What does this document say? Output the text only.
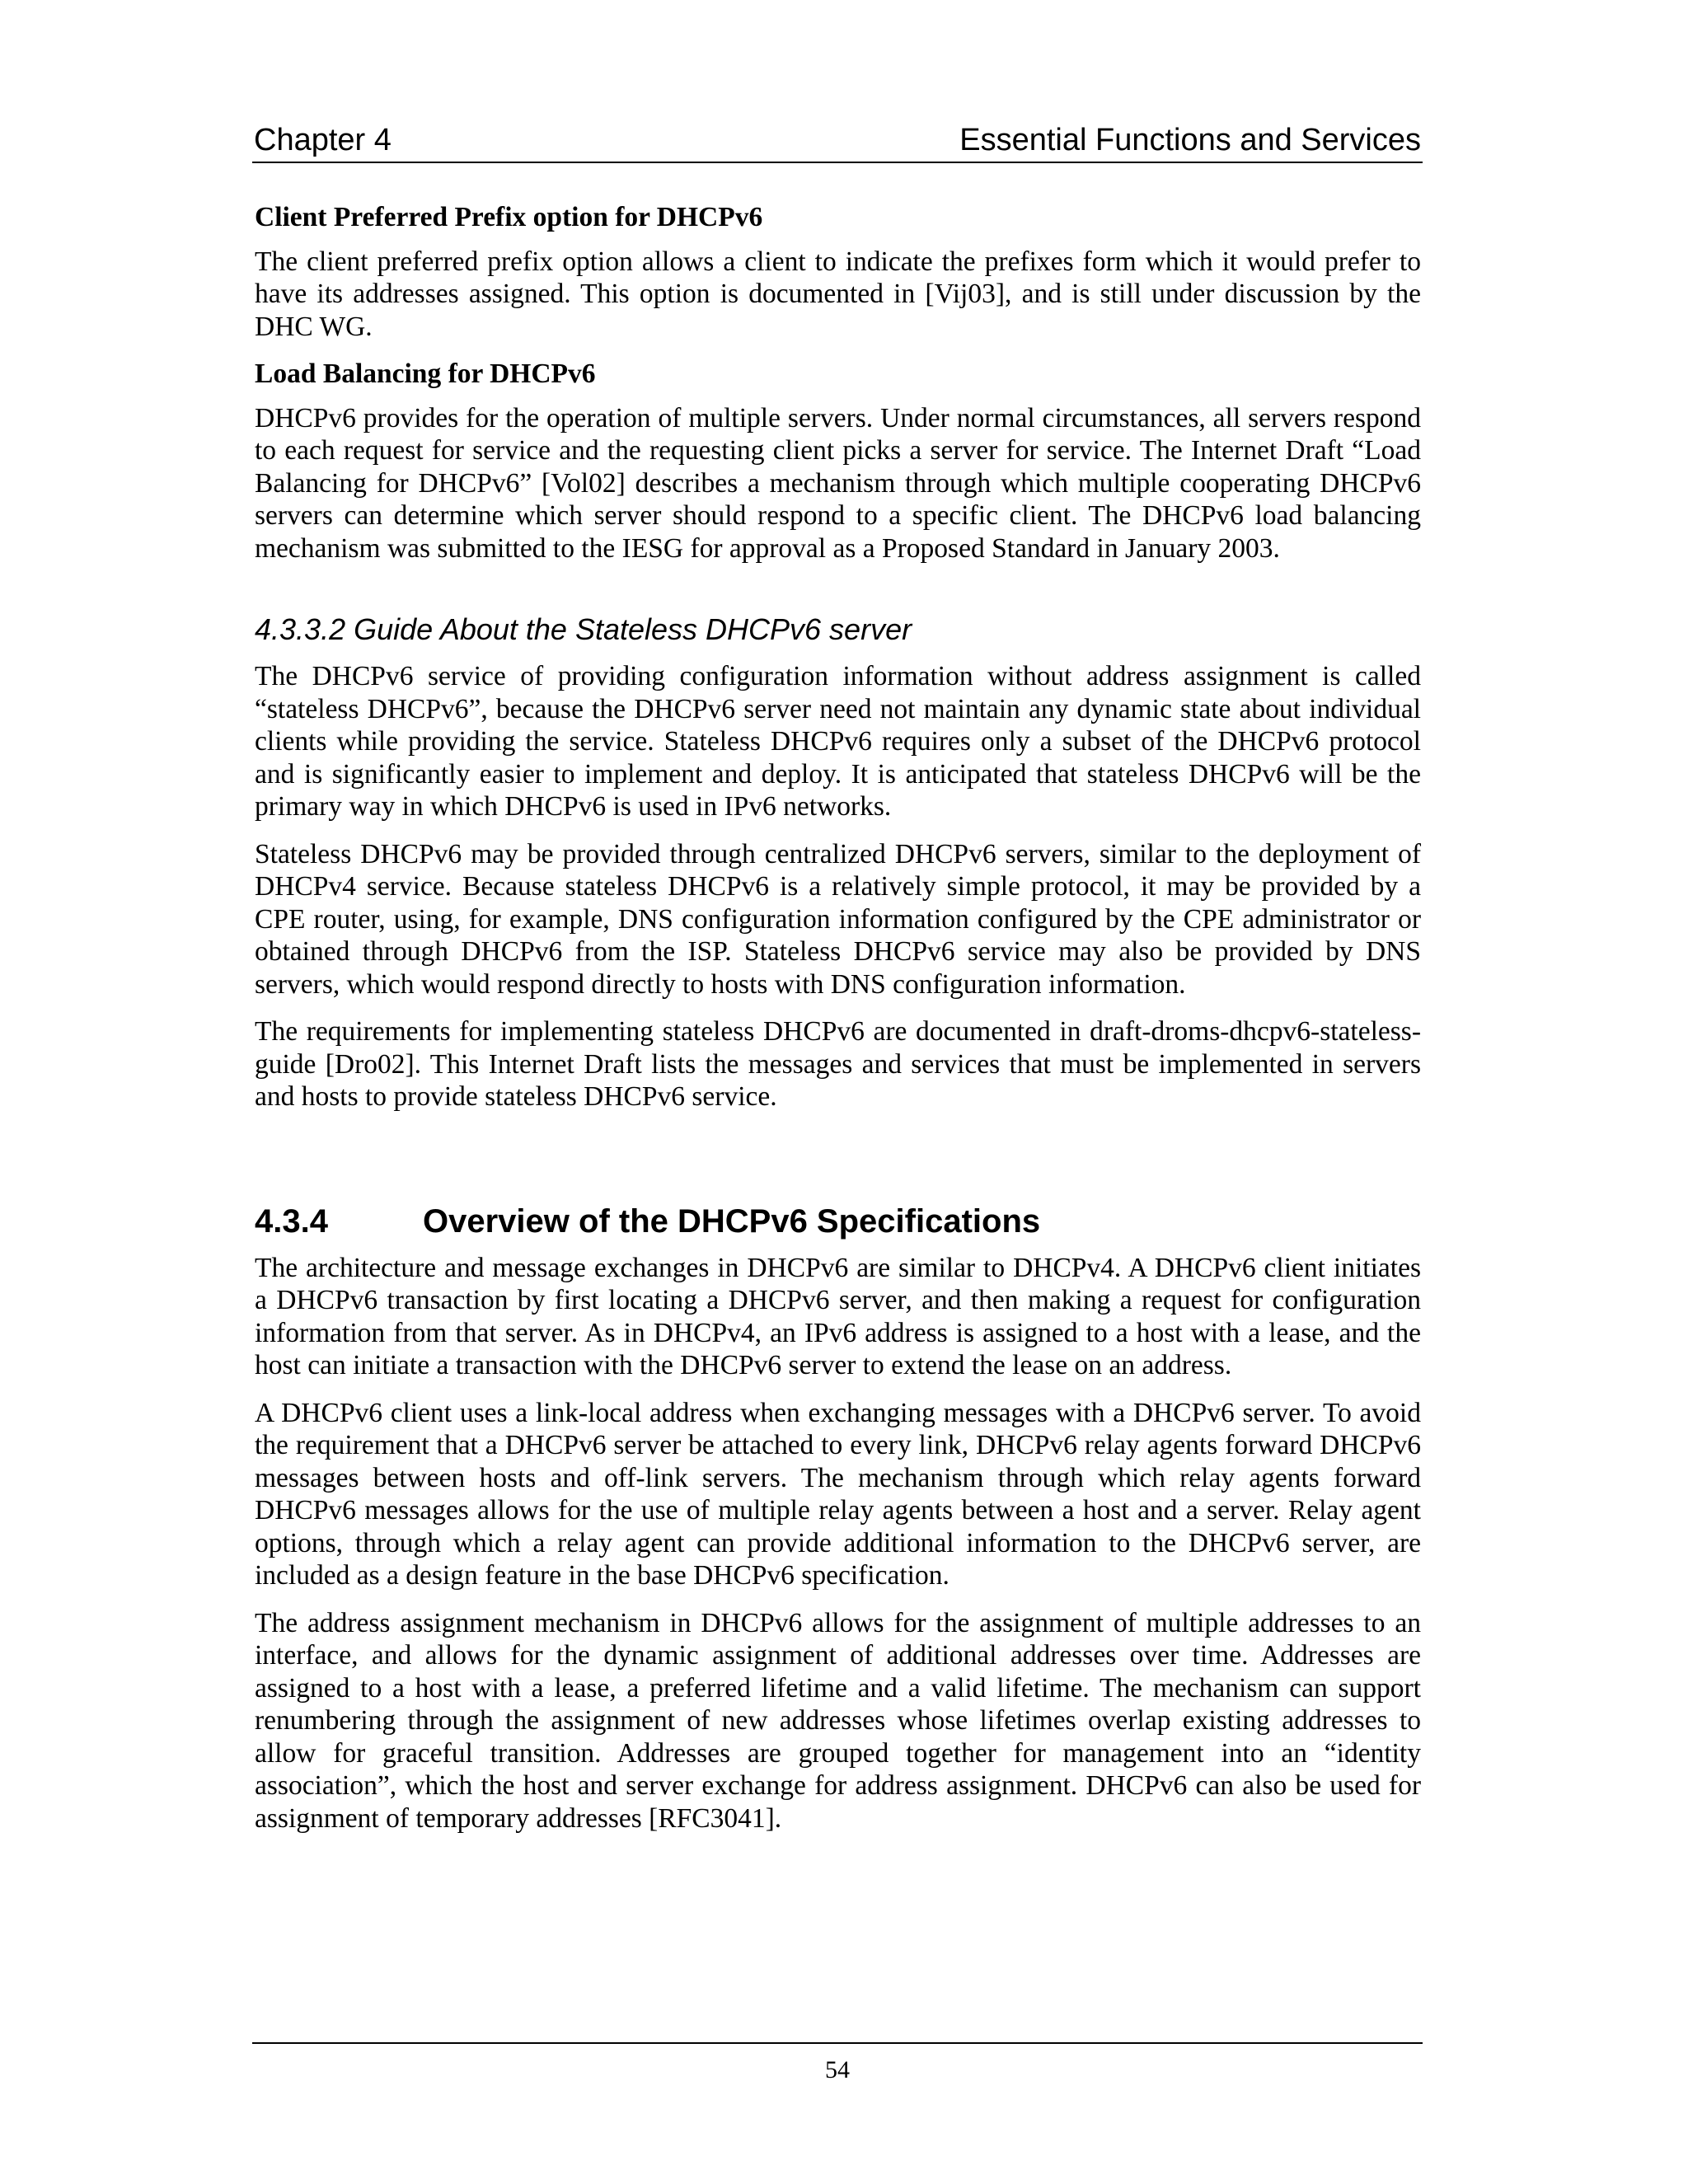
Chapter 4	Essential Functions and Services

Client Preferred Prefix option for DHCPv6

The client preferred prefix option allows a client to indicate the prefixes form which it would prefer to have its addresses assigned. This option is documented in [Vij03], and is still under discussion by the DHC WG.

Load Balancing for DHCPv6

DHCPv6 provides for the operation of multiple servers. Under normal circumstances, all servers respond to each request for service and the requesting client picks a server for service. The Internet Draft “Load Balancing for DHCPv6” [Vol02] describes a mechanism through which multiple cooperating DHCPv6 servers can determine which server should respond to a specific client. The DHCPv6 load balancing mechanism was submitted to the IESG for approval as a Proposed Standard in January 2003.

4.3.3.2 Guide About the Stateless DHCPv6 server

The DHCPv6 service of providing configuration information without address assignment is called “stateless DHCPv6”, because the DHCPv6 server need not maintain any dynamic state about individual clients while providing the service. Stateless DHCPv6 requires only a subset of the DHCPv6 protocol and is significantly easier to implement and deploy. It is anticipated that stateless DHCPv6 will be the primary way in which DHCPv6 is used in IPv6 networks.

Stateless DHCPv6 may be provided through centralized DHCPv6 servers, similar to the deployment of DHCPv4 service. Because stateless DHCPv6 is a relatively simple protocol, it may be provided by a CPE router, using, for example, DNS configuration information configured by the CPE administrator or obtained through DHCPv6 from the ISP. Stateless DHCPv6 service may also be provided by DNS servers, which would respond directly to hosts with DNS configuration information.

The requirements for implementing stateless DHCPv6 are documented in draft-droms-dhcpv6-stateless-guide [Dro02]. This Internet Draft lists the messages and services that must be implemented in servers and hosts to provide stateless DHCPv6 service.

4.3.4	Overview of the DHCPv6 Specifications

The architecture and message exchanges in DHCPv6 are similar to DHCPv4. A DHCPv6 client initiates a DHCPv6 transaction by first locating a DHCPv6 server, and then making a request for configuration information from that server. As in DHCPv4, an IPv6 address is assigned to a host with a lease, and the host can initiate a transaction with the DHCPv6 server to extend the lease on an address.

A DHCPv6 client uses a link-local address when exchanging messages with a DHCPv6 server. To avoid the requirement that a DHCPv6 server be attached to every link, DHCPv6 relay agents forward DHCPv6 messages between hosts and off-link servers. The mechanism through which relay agents forward DHCPv6 messages allows for the use of multiple relay agents between a host and a server. Relay agent options, through which a relay agent can provide additional information to the DHCPv6 server, are included as a design feature in the base DHCPv6 specification.

The address assignment mechanism in DHCPv6 allows for the assignment of multiple addresses to an interface, and allows for the dynamic assignment of additional addresses over time. Addresses are assigned to a host with a lease, a preferred lifetime and a valid lifetime. The mechanism can support renumbering through the assignment of new addresses whose lifetimes overlap existing addresses to allow for graceful transition. Addresses are grouped together for management into an “identity association”, which the host and server exchange for address assignment. DHCPv6 can also be used for assignment of temporary addresses [RFC3041].

54
